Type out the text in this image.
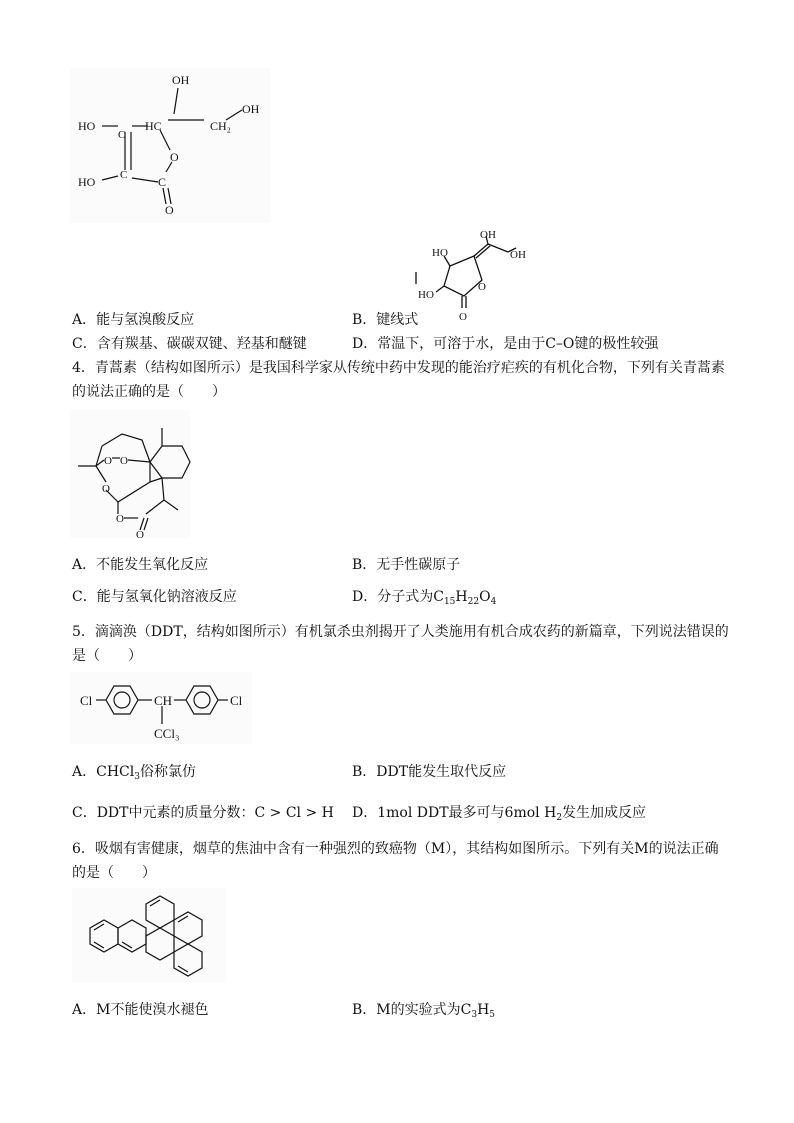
OH
OH
HO	HC	CH₂
O
C
C
HO	C
O
OH
OH
HO
HO
O
O
A．能与氢溴酸反应	B．键线式
C．含有羰基、碳碳双键、羟基和醚键	D．常温下，可溶于水，是由于C–O键的极性较强
4．青蒿素（结构如图所示）是我国科学家从传统中药中发现的能治疗疟疾的有机化合物，下列有关青蒿素
的说法正确的是（　　）
O O
O
O
O
A．不能发生氧化反应	B．无手性碳原子
C．能与氢氧化钠溶液反应	D．分子式为$C_{15}H_{22}O_4$
5．滴滴涣（DDT，结构如图所示）有机氯杀虫剂揭开了人类施用有机合成农药的新篇章，下列说法错误的
是（　　）
Cl	CH	Cl
CCl₃
A．CHCl$_3$俗称氯仿	B．DDT能发生取代反应
C．DDT中元素的质量分数：C > Cl > H D．1mol DDT最多可与6mol $H_2$发生加成反应
6．吸烟有害健康，烟草的焦油中含有一种强烈的致癌物（M），其结构如图所示。下列有关M的说法正确
的是（　　）
A．M不能使溴水褪色	B．M的实验式为$C_3H_5$
